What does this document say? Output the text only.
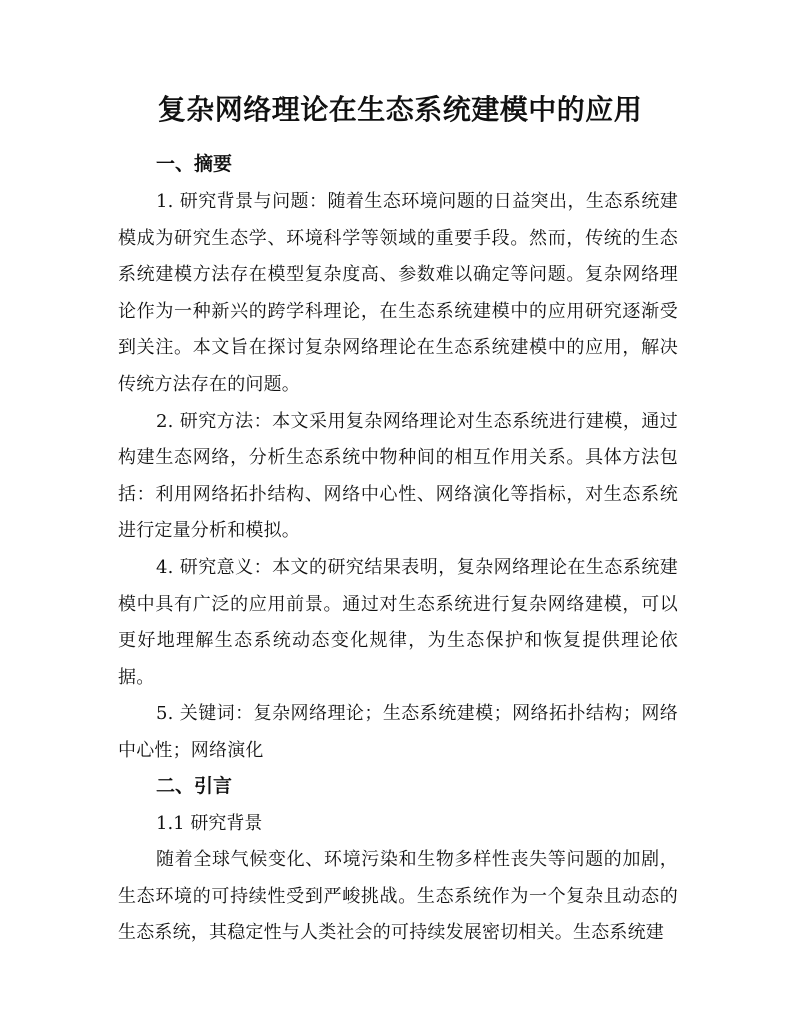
复杂网络理论在生态系统建模中的应用
一、摘要

1. 研究背景与问题：随着生态环境问题的日益突出，生态系统建模成为研究生态学、环境科学等领域的重要手段。然而，传统的生态系统建模方法存在模型复杂度高、参数难以确定等问题。复杂网络理论作为一种新兴的跨学科理论，在生态系统建模中的应用研究逐渐受到关注。本文旨在探讨复杂网络理论在生态系统建模中的应用，解决传统方法存在的问题。

2. 研究方法：本文采用复杂网络理论对生态系统进行建模，通过构建生态网络，分析生态系统中物种间的相互作用关系。具体方法包括：利用网络拓扑结构、网络中心性、网络演化等指标，对生态系统进行定量分析和模拟。

4. 研究意义：本文的研究结果表明，复杂网络理论在生态系统建模中具有广泛的应用前景。通过对生态系统进行复杂网络建模，可以更好地理解生态系统动态变化规律，为生态保护和恢复提供理论依据。

5. 关键词：复杂网络理论；生态系统建模；网络拓扑结构；网络中心性；网络演化

二、引言

1.1 研究背景

随着全球气候变化、环境污染和生物多样性丧失等问题的加剧，生态环境的可持续性受到严峻挑战。生态系统作为一个复杂且动态的生态系统，其稳定性与人类社会的可持续发展密切相关。生态系统建
